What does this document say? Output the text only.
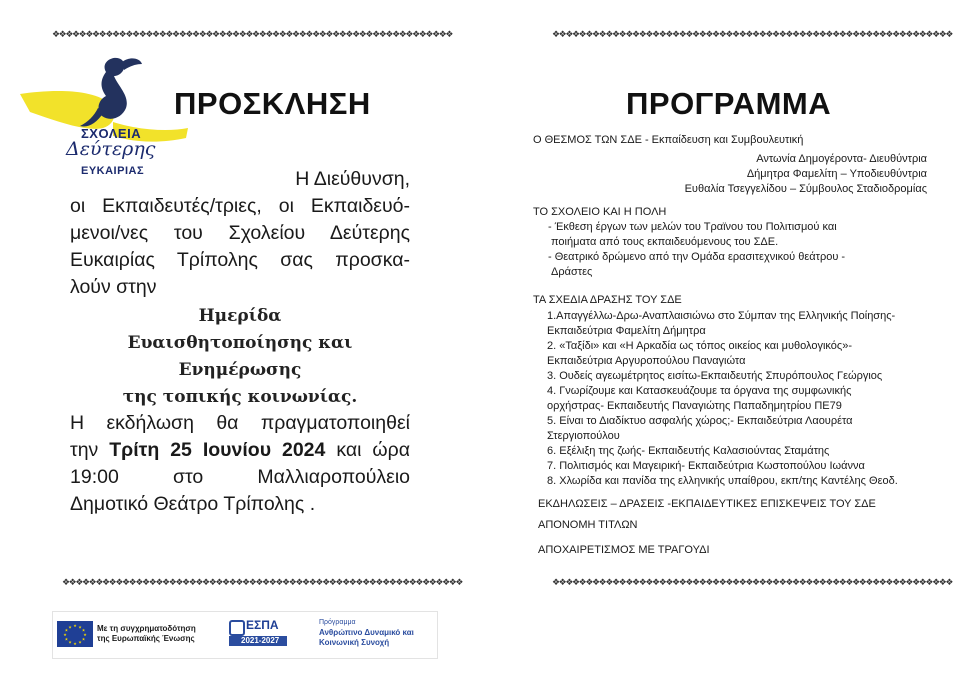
❖❖❖❖❖❖❖❖❖❖❖❖❖❖❖❖❖❖❖❖❖❖❖❖❖❖❖❖❖❖❖❖❖❖❖❖❖❖❖❖❖❖❖❖❖❖❖❖❖❖❖❖❖❖❖❖❖❖❖❖	❖❖❖❖❖❖❖❖❖❖❖❖❖❖❖❖❖❖❖❖❖❖❖❖❖❖❖❖❖❖❖❖❖❖❖❖❖❖❖❖❖❖❖❖❖❖❖❖❖❖❖❖❖❖❖❖❖❖❖❖
❖❖❖❖❖❖❖❖❖❖❖❖❖❖❖❖❖❖❖❖❖❖❖❖❖❖❖❖❖❖❖❖❖❖❖❖❖❖❖❖❖❖❖❖❖❖❖❖❖❖❖❖❖❖❖❖❖❖❖❖	❖❖❖❖❖❖❖❖❖❖❖❖❖❖❖❖❖❖❖❖❖❖❖❖❖❖❖❖❖❖❖❖❖❖❖❖❖❖❖❖❖❖❖❖❖❖❖❖❖❖❖❖❖❖❖❖❖❖❖❖
ΣΧΟΛΕΙΑ
Δεύτερης
ΕΥΚΑΙΡΙΑΣ
ΠΡΟΣΚΛΗΣΗ
Η Διεύθυνση,
οι Εκπαιδευτές/τριες, οι Εκπαιδευό-
μενοι/νες του Σχολείου Δεύτερης
Ευκαιρίας Τρίπολης σας προσκα-
λούν στην
Ημερίδα
Ευαισθητοποίησης και Ενημέρωσης
της τοπικής κοινωνίας.
Η εκδήλωση θα πραγματοποιηθεί
την Τρίτη 25 Ιουνίου 2024 και ώρα
19:00 στο Μαλλιαροπούλειο
Δημοτικό Θεάτρο Τρίπολης .
ΠΡΟΓΡΑΜΜΑ
Ο ΘΕΣΜΟΣ ΤΩΝ ΣΔΕ - Εκπαίδευση και Συμβουλευτική
Αντωνία Δημογέροντα- Διευθύντρια
Δήμητρα Φαμελίτη – Υποδιευθύντρια
Ευθαλία Τσεγγελίδου – Σύμβουλος Σταδιοδρομίας
ΤΟ ΣΧΟΛΕΙΟ ΚΑΙ Η ΠΟΛΗ
- Έκθεση έργων των μελών του Τραϊνου του Πολιτισμού και
ποιήματα από τους εκπαιδευόμενους του ΣΔΕ.
- Θεατρικό δρώμενο από την Ομάδα ερασιτεχνικού θεάτρου -
Δράστες
ΤΑ ΣΧΕΔΙΑ ΔΡΑΣΗΣ ΤΟΥ ΣΔΕ
1.Απαγγέλλω-Δρω-Αναπλαισιώνω στο Σύμπαν της Ελληνικής Ποίησης-
Εκπαιδεύτρια Φαμελίτη Δήμητρα
2. «Ταξίδι» και «Η Αρκαδία ως τόπος οικείος και μυθολογικός»-
Εκπαιδεύτρια Αργυροπούλου Παναγιώτα
3. Ουδείς αγεωμέτρητος εισίτω-Εκπαιδευτής Σπυρόπουλος Γεώργιος
4. Γνωρίζουμε και Κατασκευάζουμε τα όργανα της συμφωνικής
ορχήστρας- Εκπαιδευτής Παναγιώτης Παπαδημητρίου ΠΕ79
5. Είναι το Διαδίκτυο ασφαλής χώρος;- Εκπαιδεύτρια Λαουρέτα
Στεργιοπούλου
6. Εξέλιξη της ζωής- Εκπαιδευτής Καλασιούντας Σταμάτης
7. Πολιτισμός και Μαγειρική- Εκπαιδεύτρια Κωστοπούλου Ιωάννα
8. Χλωρίδα και πανίδα της ελληνικής υπαίθρου, εκπ/της Καντέλης Θεοδ.
ΕΚΔΗΛΩΣΕΙΣ – ΔΡΑΣΕΙΣ -ΕΚΠΑΙΔΕΥΤΙΚΕΣ ΕΠΙΣΚΕΨΕΙΣ ΤΟΥ ΣΔΕ
ΑΠΟΝΟΜΗ ΤΙΤΛΩΝ
ΑΠΟΧΑΙΡΕΤΙΣΜΟΣ ΜΕ ΤΡΑΓΟΥΔΙ
★ ★
★
★
★
★
★
★
★
★
★
★	Με τη συγχρηματοδότηση
της Ευρωπαϊκής Ένωσης
ΕΣΠΑ
2021-2027
Πρόγραμμα
Ανθρώπινο Δυναμικό και
Κοινωνική Συνοχή
